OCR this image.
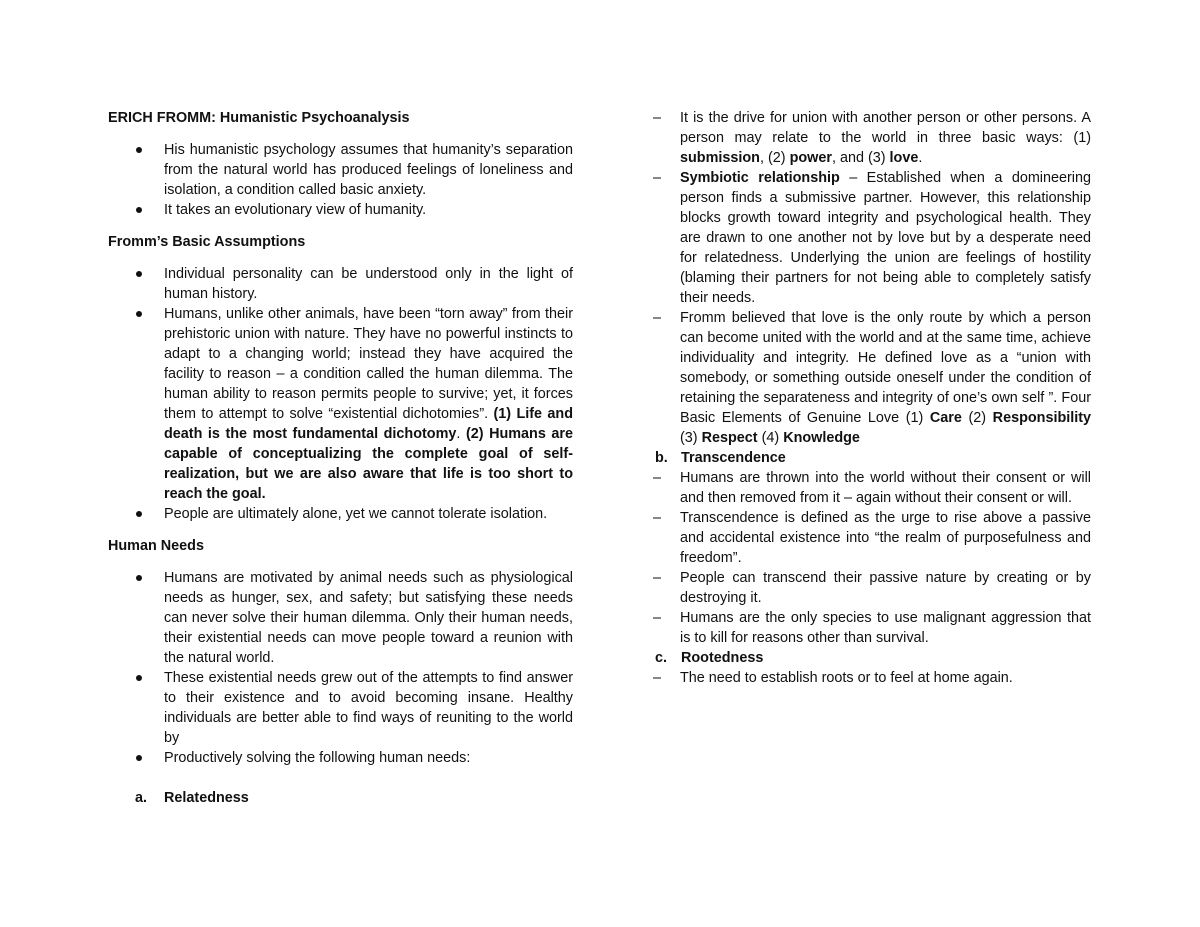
ERICH FROMM: Humanistic Psychoanalysis
His humanistic psychology assumes that humanity’s separation from the natural world has produced feelings of loneliness and isolation, a condition called basic anxiety.
It takes an evolutionary view of humanity.
Fromm’s Basic Assumptions
Individual personality can be understood only in the light of human history.
Humans, unlike other animals, have been “torn away” from their prehistoric union with nature. They have no powerful instincts to adapt to a changing world; instead they have acquired the facility to reason – a condition called the human dilemma. The human ability to reason permits people to survive; yet, it forces them to attempt to solve “existential dichotomies”. (1) Life and death is the most fundamental dichotomy. (2) Humans are capable of conceptualizing the complete goal of self-realization, but we are also aware that life is too short to reach the goal.
People are ultimately alone, yet we cannot tolerate isolation.
Human Needs
Humans are motivated by animal needs such as physiological needs as hunger, sex, and safety; but satisfying these needs can never solve their human dilemma. Only their human needs, their existential needs can move people toward a reunion with the natural world.
These existential needs grew out of the attempts to find answer to their existence and to avoid becoming insane. Healthy individuals are better able to find ways of reuniting to the world by
Productively solving the following human needs:

a. Relatedness

– It is the drive for union with another person or other persons. A person may relate to the world in three basic ways: (1) submission, (2) power, and (3) love.
– Symbiotic relationship – Established when a domineering person finds a submissive partner. However, this relationship blocks growth toward integrity and psychological health. They are drawn to one another not by love but by a desperate need for relatedness. Underlying the union are feelings of hostility (blaming their partners for not being able to completely satisfy their needs.
– Fromm believed that love is the only route by which a person can become united with the world and at the same time, achieve individuality and integrity. He defined love as a “union with somebody, or something outside oneself under the condition of retaining the separateness and integrity of one’s own self ”. Four Basic Elements of Genuine Love (1) Care (2) Responsibility (3) Respect (4) Knowledge

b. Transcendence

– Humans are thrown into the world without their consent or will and then removed from it – again without their consent or will.
– Transcendence is defined as the urge to rise above a passive and accidental existence into “the realm of purposefulness and freedom”.
– People can transcend their passive nature by creating or by destroying it.
– Humans are the only species to use malignant aggression that is to kill for reasons other than survival.

c. Rootedness

– The need to establish roots or to feel at home again.
